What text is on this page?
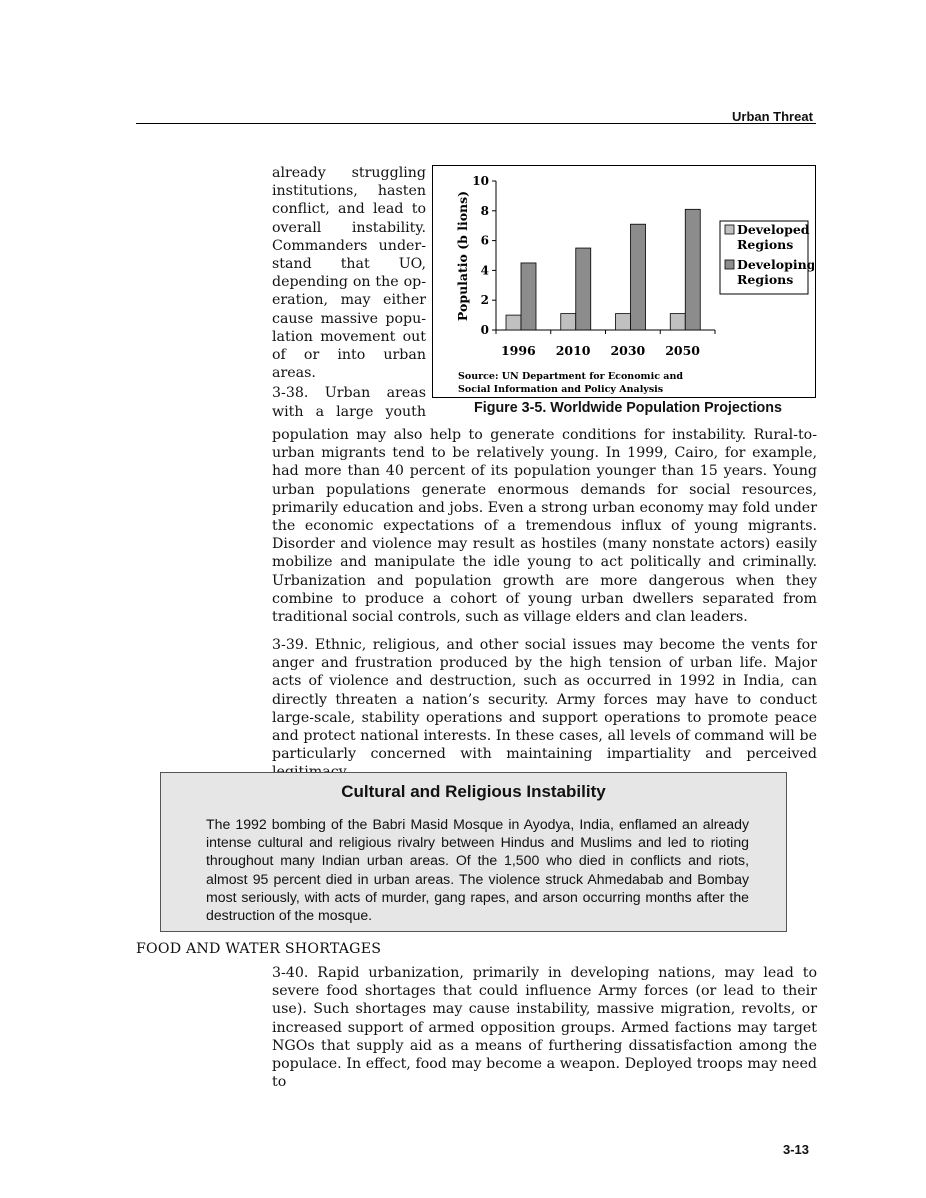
Urban Threat

already struggling

institutions, hasten

conflict, and lead to

overall instability.

Commanders under-

stand that UO,

depending on the op-

eration, may either

cause massive popu-

lation movement out

of or into urban

areas.

3-38. Urban areas

with a large youth

0
2
4
6
8
10
1996 2010 2030 2050
Populatio (b lions)	Developed
Regions
Developing
Regions
Source: UN Department for Economic and
Social Information and Policy Analysis
Figure 3-5. Worldwide Population Projections

population may also help to generate conditions for instability. Rural-to-urban migrants tend to be relatively young. In 1999, Cairo, for example, had more than 40 percent of its population younger than 15 years. Young urban populations generate enormous demands for social resources, primarily education and jobs. Even a strong urban economy may fold under the economic expectations of a tremendous influx of young migrants. Disorder and violence may result as hostiles (many nonstate actors) easily mobilize and manipulate the idle young to act politically and criminally. Urbanization and population growth are more dangerous when they combine to produce a cohort of young urban dwellers separated from traditional social controls, such as village elders and clan leaders.

3-39. Ethnic, religious, and other social issues may become the vents for anger and frustration produced by the high tension of urban life. Major acts of violence and destruction, such as occurred in 1992 in India, can directly threaten a nation’s security. Army forces may have to conduct large-scale, stability operations and support operations to promote peace and protect national interests. In these cases, all levels of command will be particularly concerned with maintaining impartiality and perceived

Cultural and Religious Instability
The 1992 bombing of the Babri Masid Mosque in Ayodya, India, enflamed an already intense cultural and religious rivalry between Hindus and Muslims and led to rioting throughout many Indian urban areas. Of the 1,500 who died in conflicts and riots, almost 95 percent died in urban areas. The violence struck Ahmedabab and Bombay most seriously, with acts of murder, gang rapes, and arson occurring months after the destruction of the mosque.
FOOD AND WATER SHORTAGES

3-40. Rapid urbanization, primarily in developing nations, may lead to severe food shortages that could influence Army forces (or lead to their use). Such shortages may cause instability, massive migration, revolts, or increased support of armed opposition groups. Armed factions may target NGOs that supply aid as a means of furthering dissatisfaction among the populace. In effect, food may become a weapon. Deployed troops may need to

3-13
